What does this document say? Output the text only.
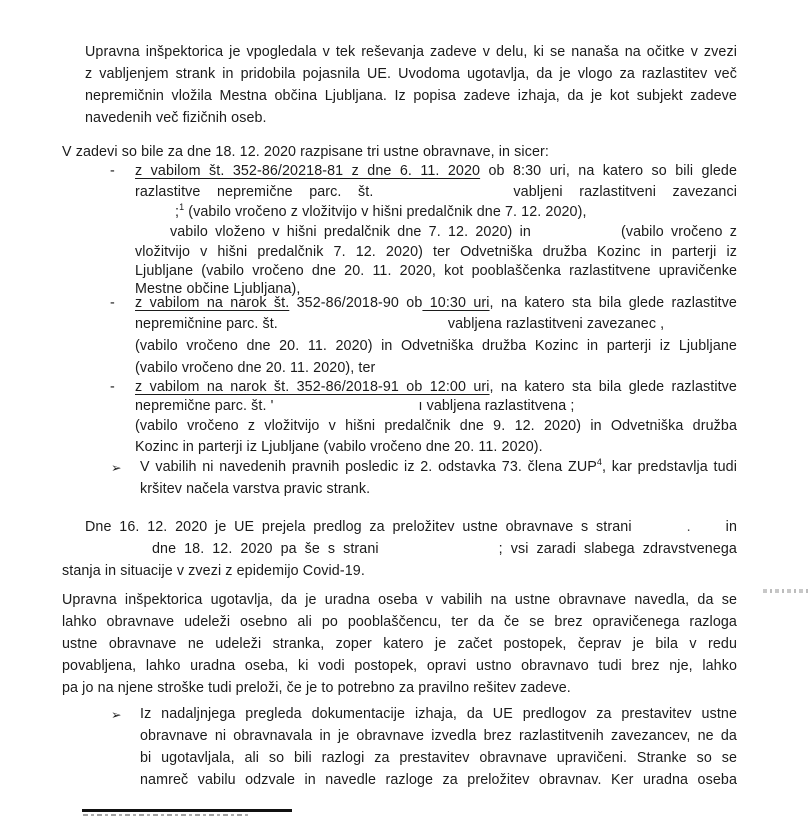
Upravna inšpektorica je vpogledala v tek reševanja zadeve v delu, ki se nanaša na očitke v zvezi
z vabljenjem strank in pridobila pojasnila UE. Uvodoma ugotavlja, da je vlogo za razlastitev več
nepremičnin vložila Mestna občina Ljubljana. Iz popisa zadeve izhaja, da je kot subjekt zadeve
navedenih več fizičnih oseb.
V zadevi so bile za dne 18. 12. 2020 razpisane tri ustne obravnave, in sicer:
- z vabilom št. 352-86/20218-81 z dne 6. 11. 2020 ob 8:30 uri, na katero so bili glede
razlastitve nepremične parc. št.	vabljeni razlastitveni zavezanci
;$^1$ (vabilo vročeno z vložitvijo v hišni predalčnik dne 7. 12. 2020),
vabilo vloženo v hišni predalčnik dne 7. 12. 2020) in	(vabilo vročeno z
vložitvijo v hišni predalčnik 7. 12. 2020) ter Odvetniška družba Kozinc in parterji iz
Ljubljane (vabilo vročeno dne 20. 11. 2020, kot pooblaščenka razlastitvene upravičenke
Mestne občine Ljubljana),
- z vabilom na narok št. 352-86/2018-90 ob 10:30 uri, na katero sta bila glede razlastitve
nepremičnine parc. št.	vabljena razlastitveni zavezanec ,
(vabilo vročeno dne 20. 11. 2020) in Odvetniška družba Kozinc in parterji iz Ljubljane
(vabilo vročeno dne 20. 11. 2020), ter
- z vabilom na narok št. 352-86/2018-91 ob 12:00 uri, na katero sta bila glede razlastitve
nepremične parc. št. '	ı vabljena razlastitvena ;
(vabilo vročeno z vložitvijo v hišni predalčnik dne 9. 12. 2020) in Odvetniška družba
Kozinc in parterji iz Ljubljane (vabilo vročeno dne 20. 11. 2020).
➢ V vabilih ni navedenih pravnih posledic iz 2. odstavka 73. člena ZUP$^4$, kar predstavlja tudi
kršitev načela varstva pravic strank.
Dne 16. 12. 2020 je UE prejela predlog za preložitev ustne obravnave s strani	. in
dne 18. 12. 2020 pa še s strani	; vsi zaradi slabega zdravstvenega
stanja in situacije v zvezi z epidemijo Covid-19.
Upravna inšpektorica ugotavlja, da je uradna oseba v vabilih na ustne obravnave navedla, da se
lahko obravnave udeleži osebno ali po pooblaščencu, ter da če se brez opravičenega razloga
ustne obravnave ne udeleži stranka, zoper katero je začet postopek, čeprav je bila v redu
povabljena, lahko uradna oseba, ki vodi postopek, opravi ustno obravnavo tudi brez nje, lahko
pa jo na njene stroške tudi preloži, če je to potrebno za pravilno rešitev zadeve.
➢ Iz nadaljnjega pregleda dokumentacije izhaja, da UE predlogov za prestavitev ustne
obravnave ni obravnavala in je obravnave izvedla brez razlastitvenih zavezancev, ne da
bi ugotavljala, ali so bili razlogi za prestavitev obravnave upravičeni. Stranke so se
namreč vabilu odzvale in navedle razloge za preložitev obravnav. Ker uradna oseba
